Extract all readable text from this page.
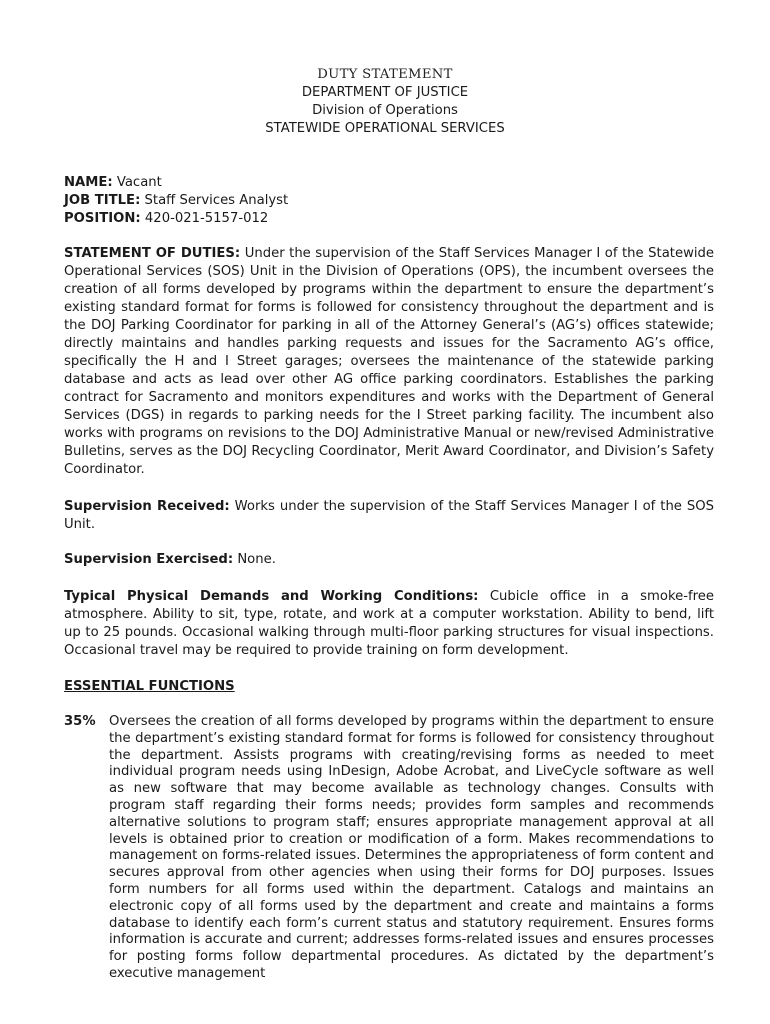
DUTY STATEMENT
DEPARTMENT OF JUSTICE
Division of Operations
STATEWIDE OPERATIONAL SERVICES
NAME: Vacant
JOB TITLE: Staff Services Analyst
POSITION: 420-021-5157-012
STATEMENT OF DUTIES: Under the supervision of the Staff Services Manager I of the Statewide Operational Services (SOS) Unit in the Division of Operations (OPS), the incumbent oversees the creation of all forms developed by programs within the department to ensure the department’s existing standard format for forms is followed for consistency throughout the department and is the DOJ Parking Coordinator for parking in all of the Attorney General’s (AG’s) offices statewide; directly maintains and handles parking requests and issues for the Sacramento AG’s office, specifically the H and I Street garages; oversees the maintenance of the statewide parking database and acts as lead over other AG office parking coordinators. Establishes the parking contract for Sacramento and monitors expenditures and works with the Department of General Services (DGS) in regards to parking needs for the I Street parking facility. The incumbent also works with programs on revisions to the DOJ Administrative Manual or new/revised Administrative Bulletins, serves as the DOJ Recycling Coordinator, Merit Award Coordinator, and Division’s Safety Coordinator.
Supervision Received: Works under the supervision of the Staff Services Manager I of the SOS Unit.
Supervision Exercised: None.
Typical Physical Demands and Working Conditions: Cubicle office in a smoke-free atmosphere. Ability to sit, type, rotate, and work at a computer workstation. Ability to bend, lift up to 25 pounds. Occasional walking through multi-floor parking structures for visual inspections. Occasional travel may be required to provide training on form development.
ESSENTIAL FUNCTIONS
35% Oversees the creation of all forms developed by programs within the department to ensure the department’s existing standard format for forms is followed for consistency throughout the department. Assists programs with creating/revising forms as needed to meet individual program needs using InDesign, Adobe Acrobat, and LiveCycle software as well as new software that may become available as technology changes. Consults with program staff regarding their forms needs; provides form samples and recommends alternative solutions to program staff; ensures appropriate management approval at all levels is obtained prior to creation or modification of a form. Makes recommendations to management on forms-related issues. Determines the appropriateness of form content and secures approval from other agencies when using their forms for DOJ purposes. Issues form numbers for all forms used within the department. Catalogs and maintains an electronic copy of all forms used by the department and create and maintains a forms database to identify each form’s current status and statutory requirement. Ensures forms information is accurate and current; addresses forms-related issues and ensures processes for posting forms follow departmental procedures. As dictated by the department’s executive management
